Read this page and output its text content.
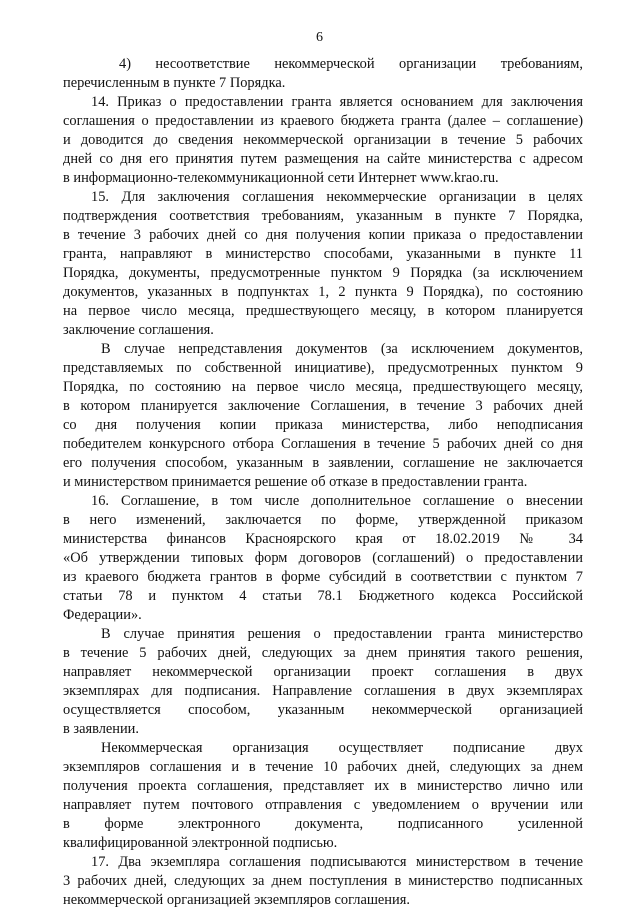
6
4) несоответствие некоммерческой организации требованиям,
перечисленным в пункте 7 Порядка.
14. Приказ о предоставлении гранта является основанием для заключения
соглашения о предоставлении из краевого бюджета гранта (далее – соглашение)
и доводится до сведения некоммерческой организации в течение 5 рабочих
дней со дня его принятия путем размещения на сайте министерства с адресом
в информационно-телекоммуникационной сети Интернет www.krao.ru.
15. Для заключения соглашения некоммерческие организации в целях
подтверждения соответствия требованиям, указанным в пункте 7 Порядка,
в течение 3 рабочих дней со дня получения копии приказа о предоставлении
гранта, направляют в министерство способами, указанными в пункте 11
Порядка, документы, предусмотренные пунктом 9 Порядка (за исключением
документов, указанных в подпунктах 1, 2 пункта 9 Порядка), по состоянию
на первое число месяца, предшествующего месяцу, в котором планируется
заключение соглашения.
В случае непредставления документов (за исключением документов,
представляемых по собственной инициативе), предусмотренных пунктом 9
Порядка, по состоянию на первое число месяца, предшествующего месяцу,
в котором планируется заключение Соглашения, в течение 3 рабочих дней
со дня получения копии приказа министерства, либо неподписания
победителем конкурсного отбора Соглашения в течение 5 рабочих дней со дня
его получения способом, указанным в заявлении, соглашение не заключается
и министерством принимается решение об отказе в предоставлении гранта.
16. Соглашение, в том числе дополнительное соглашение о внесении
в него изменений, заключается по форме, утвержденной приказом
министерства финансов Красноярского края от 18.02.2019 № 34
«Об утверждении типовых форм договоров (соглашений) о предоставлении
из краевого бюджета грантов в форме субсидий в соответствии с пунктом 7
статьи 78 и пунктом 4 статьи 78.1 Бюджетного кодекса Российской
Федерации».
В случае принятия решения о предоставлении гранта министерство
в течение 5 рабочих дней, следующих за днем принятия такого решения,
направляет некоммерческой организации проект соглашения в двух
экземплярах для подписания. Направление соглашения в двух экземплярах
осуществляется способом, указанным некоммерческой организацией
в заявлении.
Некоммерческая организация осуществляет подписание двух
экземпляров соглашения и в течение 10 рабочих дней, следующих за днем
получения проекта соглашения, представляет их в министерство лично или
направляет путем почтового отправления с уведомлением о вручении или
в форме электронного документа, подписанного усиленной
квалифицированной электронной подписью.
17. Два экземпляра соглашения подписываются министерством в течение
3 рабочих дней, следующих за днем поступления в министерство подписанных
некоммерческой организацией экземпляров соглашения.
